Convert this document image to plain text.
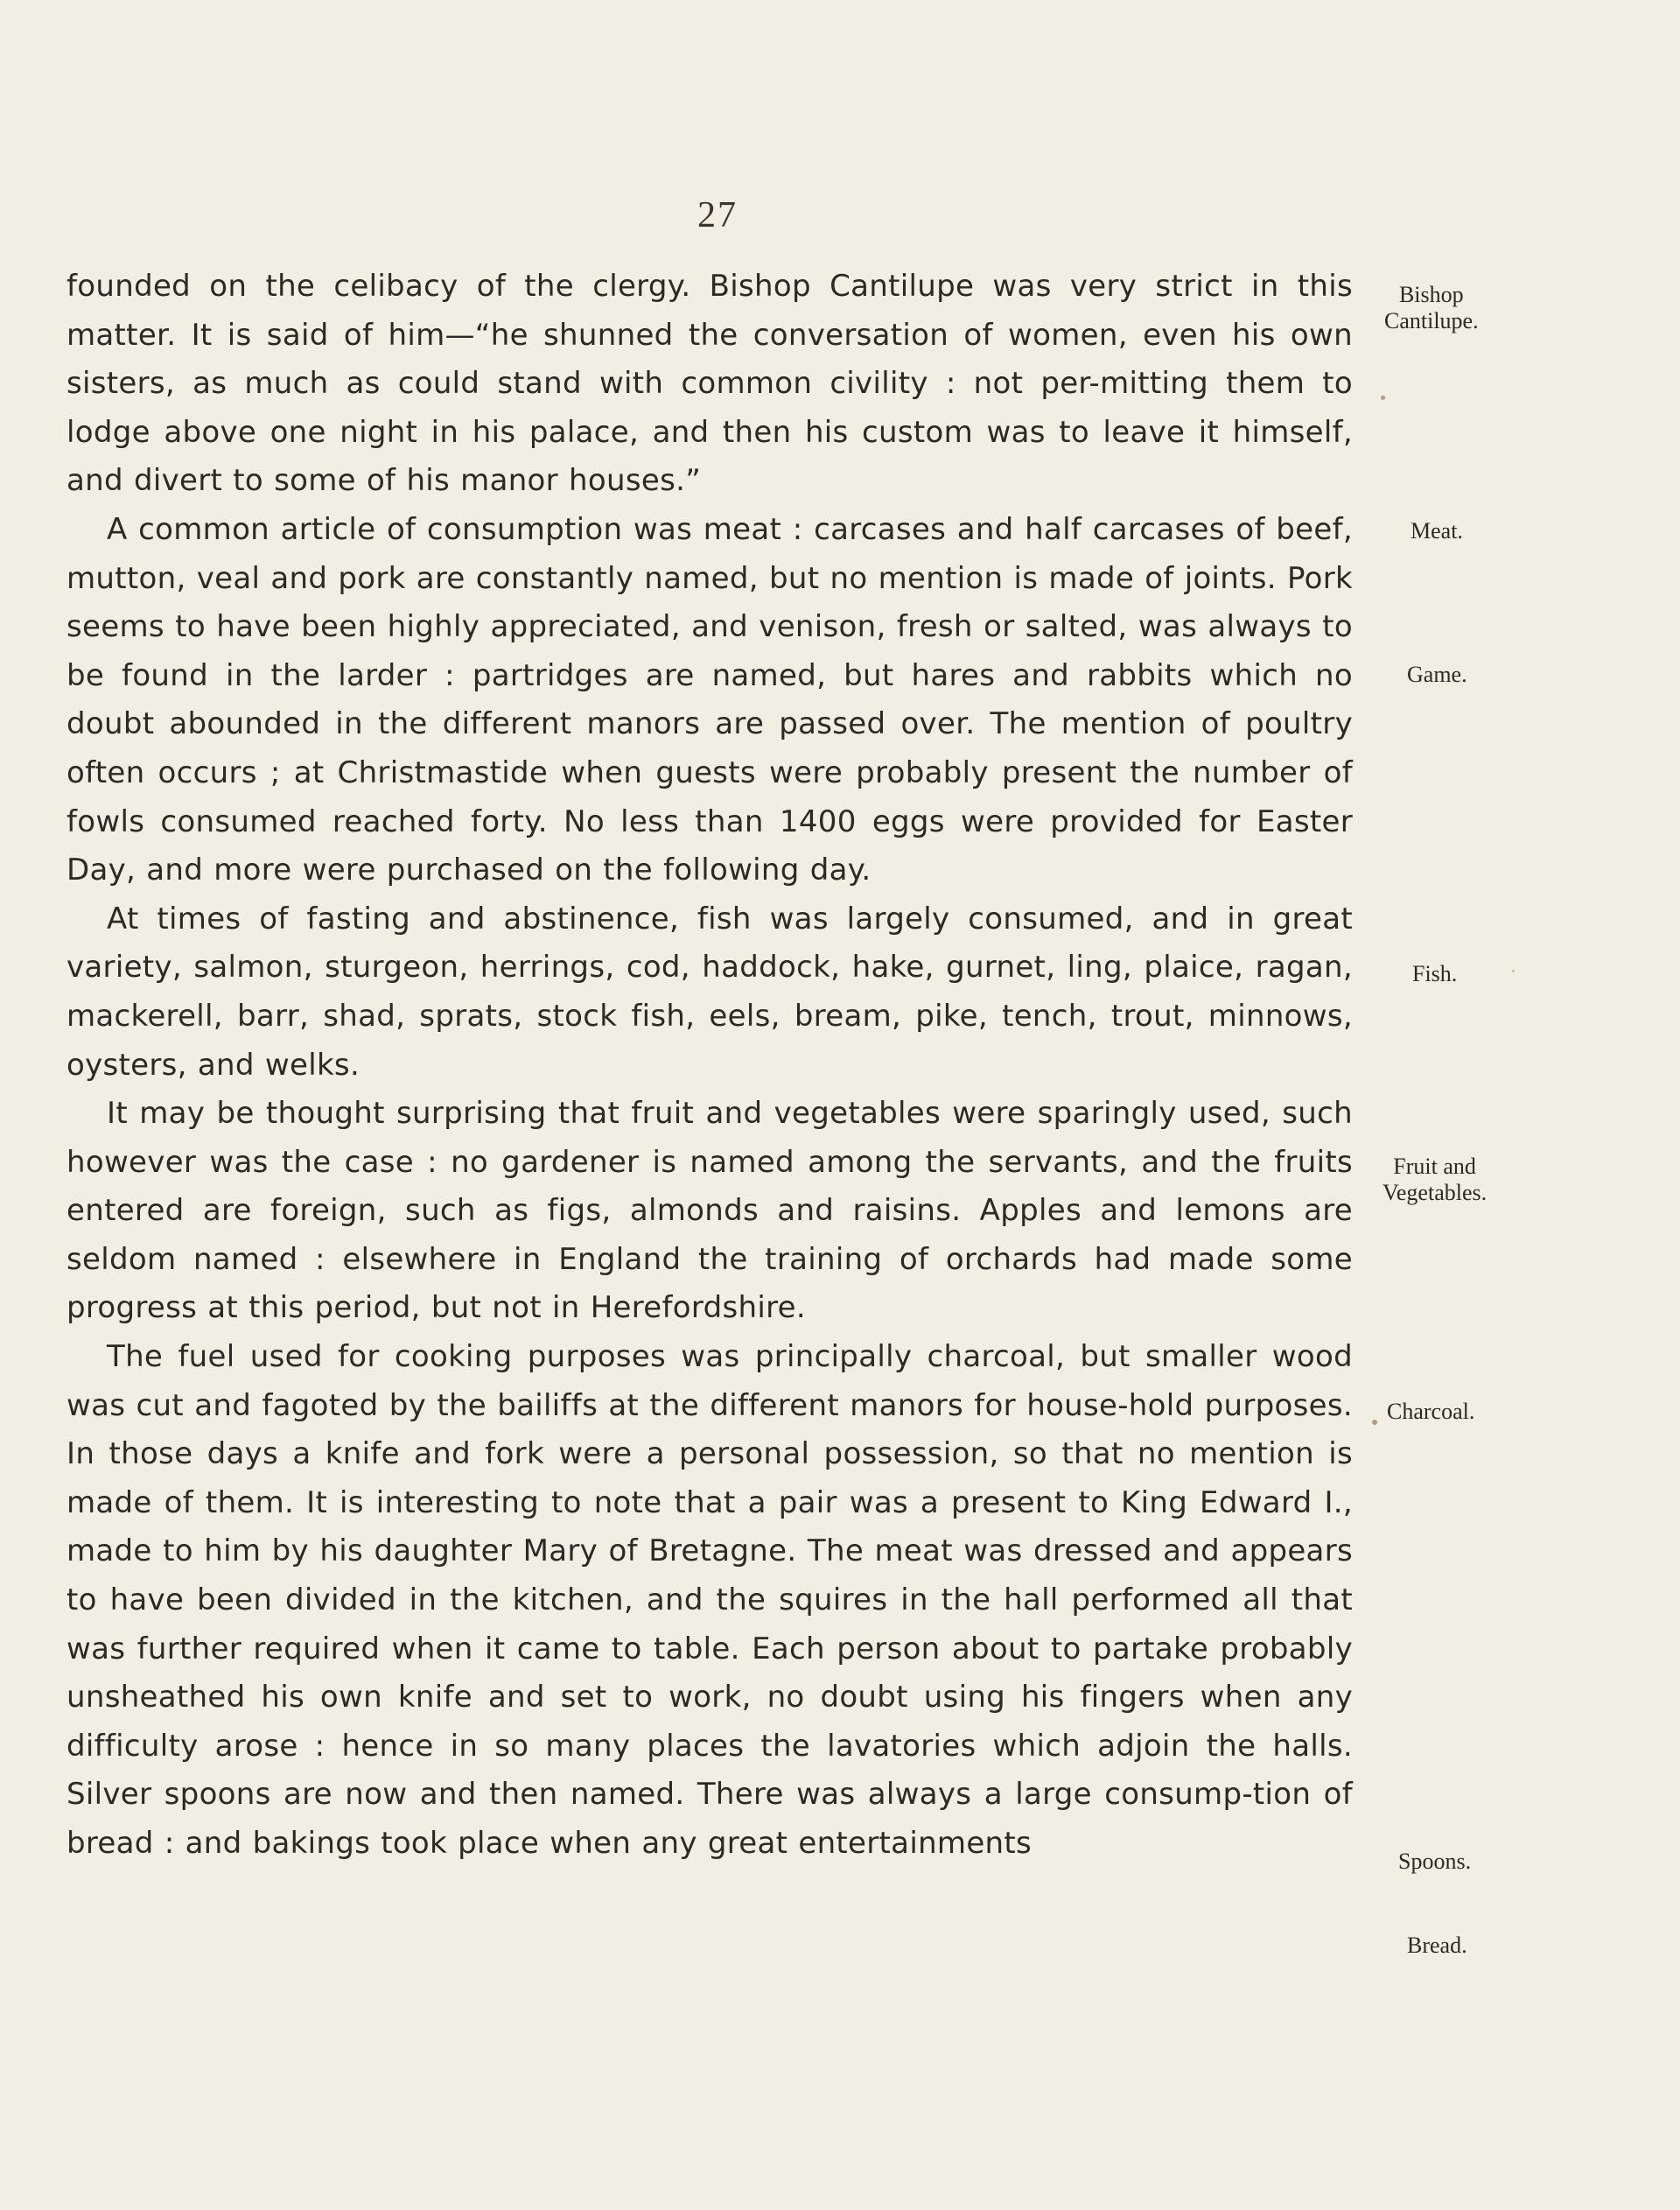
27

founded on the celibacy of the clergy. Bishop Cantilupe was very strict in this matter. It is said of him—“he shunned the conversation of women, even his own sisters, as much as could stand with common civility : not per-mitting them to lodge above one night in his palace, and then his custom was to leave it himself, and divert to some of his manor houses.”

A common article of consumption was meat : carcases and half carcases of beef, mutton, veal and pork are constantly named, but no mention is made of joints. Pork seems to have been highly appreciated, and venison, fresh or salted, was always to be found in the larder : partridges are named, but hares and rabbits which no doubt abounded in the different manors are passed over. The mention of poultry often occurs ; at Christmastide when guests were probably present the number of fowls consumed reached forty. No less than 1400 eggs were provided for Easter Day, and more were purchased on the following day.

At times of fasting and abstinence, fish was largely consumed, and in great variety, salmon, sturgeon, herrings, cod, haddock, hake, gurnet, ling, plaice, ragan, mackerell, barr, shad, sprats, stock fish, eels, bream, pike, tench, trout, minnows, oysters, and welks.

It may be thought surprising that fruit and vegetables were sparingly used, such however was the case : no gardener is named among the servants, and the fruits entered are foreign, such as figs, almonds and raisins. Apples and lemons are seldom named : elsewhere in England the training of orchards had made some progress at this period, but not in Herefordshire.

The fuel used for cooking purposes was principally charcoal, but smaller wood was cut and fagoted by the bailiffs at the different manors for house-hold purposes. In those days a knife and fork were a personal possession, so that no mention is made of them. It is interesting to note that a pair was a present to King Edward I., made to him by his daughter Mary of Bretagne. The meat was dressed and appears to have been divided in the kitchen, and the squires in the hall performed all that was further required when it came to table. Each person about to partake probably unsheathed his own knife and set to work, no doubt using his fingers when any difficulty arose : hence in so many places the lavatories which adjoin the halls. Silver spoons are now and then named. There was always a large consump-tion of bread : and bakings took place when any great entertainments

Bishop
Cantilupe.
Meat.
Game.
Fish.
Fruit and
Vegetables.
Charcoal.
Spoons.
Bread.
